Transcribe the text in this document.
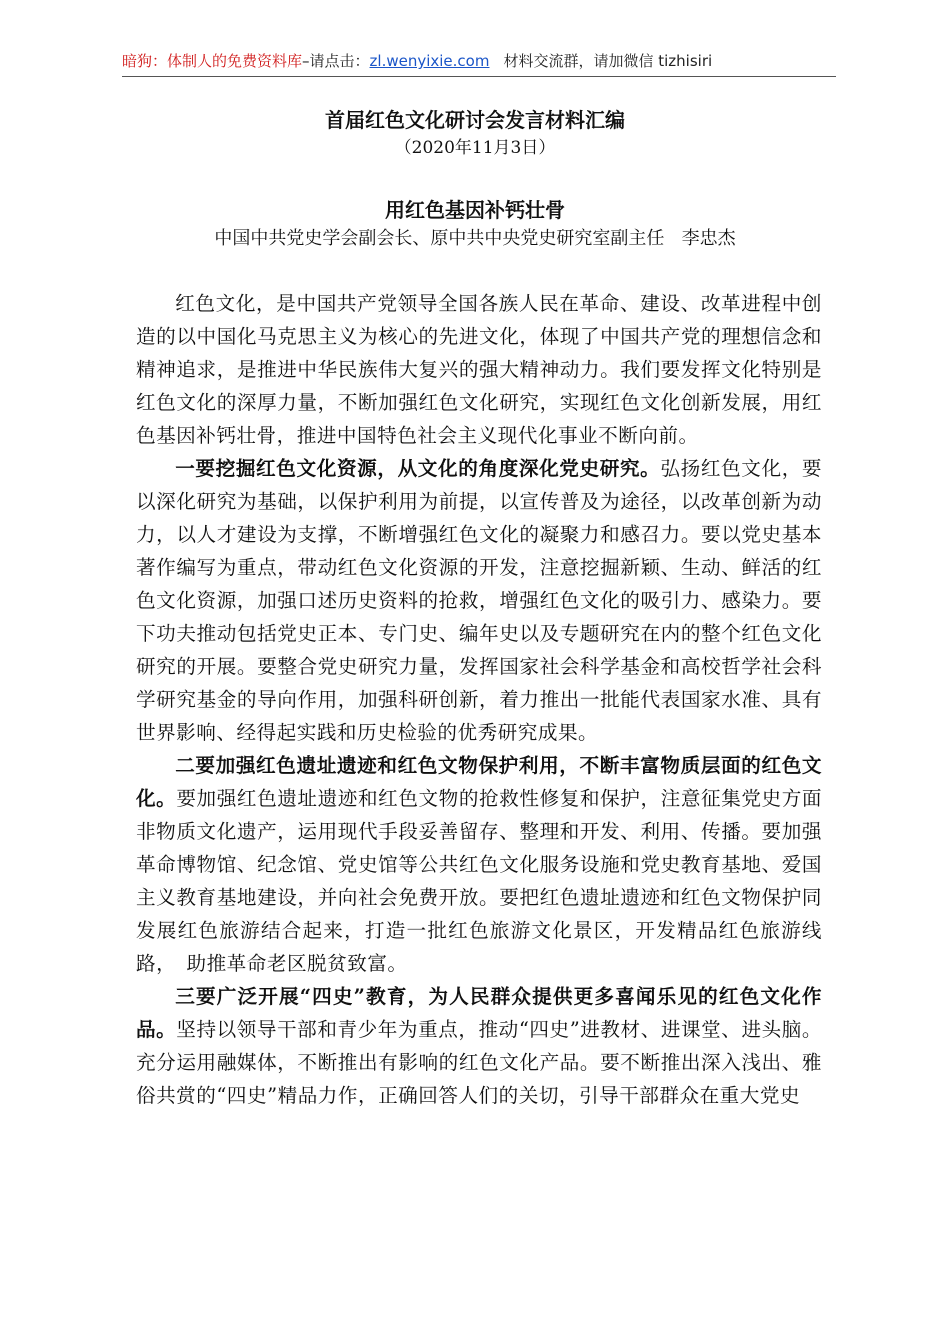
暗狗：体制人的免费资料库–请点击：zl.wenyixie.com 材料交流群，请加微信 tizhisiri
首届红色文化研讨会发言材料汇编
（2020年11月3日）
用红色基因补钙壮骨
中国中共党史学会副会长、原中共中央党史研究室副主任   李忠杰

红色文化，是中国共产党领导全国各族人民在革命、建设、改革进程中创造的以中国化马克思主义为核心的先进文化，体现了中国共产党的理想信念和精神追求，是推进中华民族伟大复兴的强大精神动力。我们要发挥文化特别是红色文化的深厚力量，不断加强红色文化研究，实现红色文化创新发展，用红色基因补钙壮骨，推进中国特色社会主义现代化事业不断向前。

一要挖掘红色文化资源，从文化的角度深化党史研究。弘扬红色文化，要　以深化研究为基础，以保护利用为前提，以宣传普及为途径，以改革创新为动力，以人才建设为支撑，不断增强红色文化的凝聚力和感召力。要以党史基本著作编写为重点，带动红色文化资源的开发，注意挖掘新颖、生动、鲜活的红色文化资源，加强口述历史资料的抢救，增强红色文化的吸引力、感染力。要下功夫推动包括党史正本、专门史、编年史以及专题研究在内的整个红色文化研究的开展。要整合党史研究力量，发挥国家社会科学基金和高校哲学社会科学研究基金的导向作用，加强科研创新，着力推出一批能代表国家水准、具有世界影响、经得起实践和历史检验的优秀研究成果。

二要加强红色遗址遗迹和红色文物保护利用，不断丰富物质层面的红色文化。要加强红色遗址遗迹和红色文物的抢救性修复和保护，注意征集党史方面非物质文化遗产，运用现代手段妥善留存、整理和开发、利用、传播。要加强革命博物馆、纪念馆、党史馆等公共红色文化服务设施和党史教育基地、爱国主义教育基地建设，并向社会免费开放。要把红色遗址遗迹和红色文物保护同发展红色旅游结合起来，打造一批红色旅游文化景区，开发精品红色旅游线路，　助推革命老区脱贫致富。

三要广泛开展“四史”教育，为人民群众提供更多喜闻乐见的红色文化作品。坚持以领导干部和青少年为重点，推动“四史”进教材、进课堂、进头脑。充分运用融媒体，不断推出有影响的红色文化产品。要不断推出深入浅出、雅俗共赏的“四史”精品力作，正确回答人们的关切，引导干部群众在重大党史
